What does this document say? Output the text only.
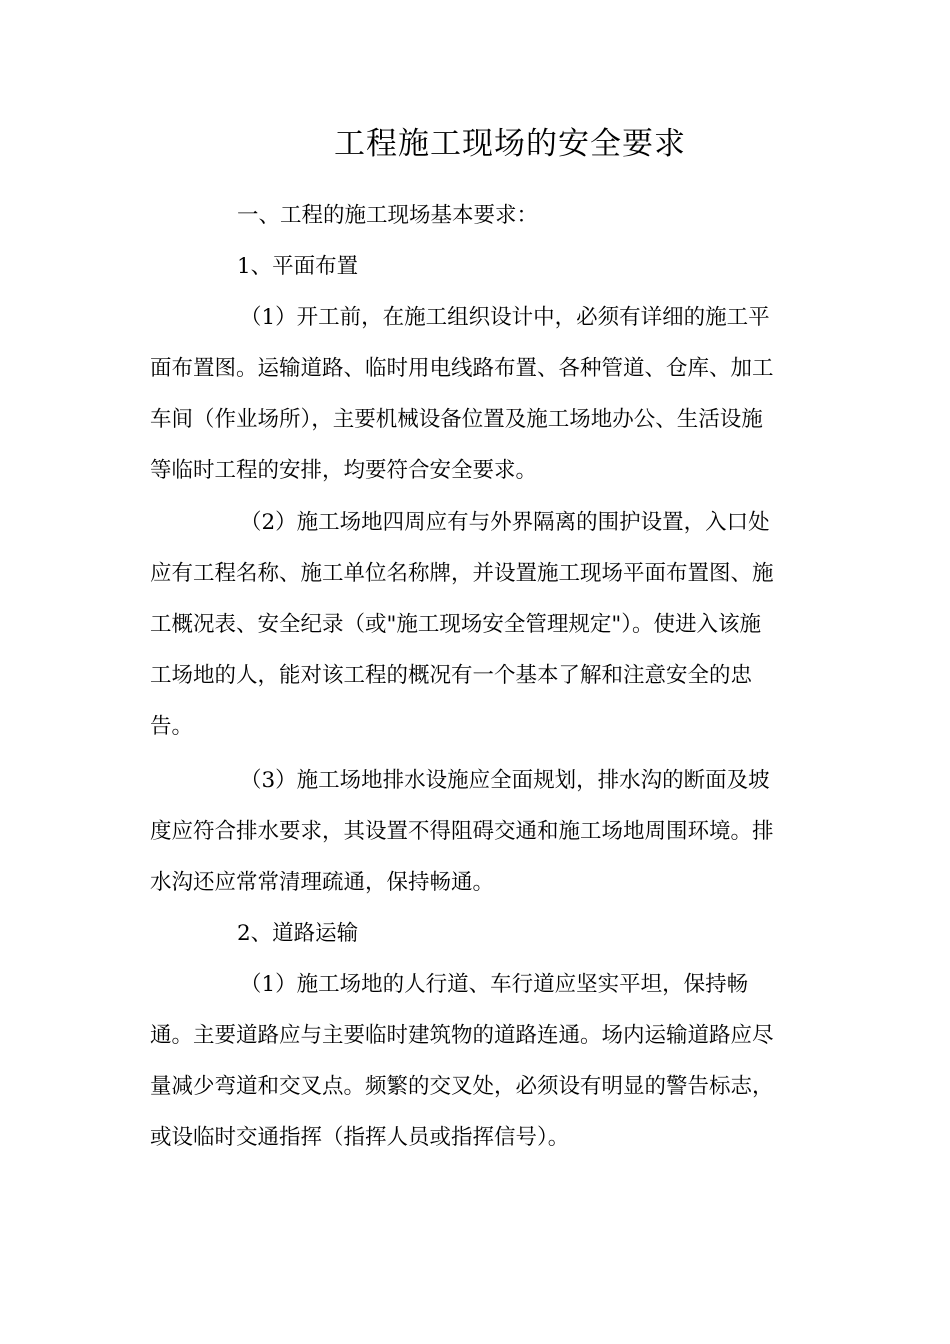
工程施工现场的安全要求
一、工程的施工现场基本要求：
1、平面布置
（1）开工前，在施工组织设计中，必须有详细的施工平
面布置图。运输道路、临时用电线路布置、各种管道、仓库、加工
车间（作业场所），主要机械设备位置及施工场地办公、生活设施
等临时工程的安排，均要符合安全要求。
（2）施工场地四周应有与外界隔离的围护设置，入口处
应有工程名称、施工单位名称牌，并设置施工现场平面布置图、施
工概况表、安全纪录（或"施工现场安全管理规定"）。使进入该施
工场地的人，能对该工程的概况有一个基本了解和注意安全的忠
告。
（3）施工场地排水设施应全面规划，排水沟的断面及坡
度应符合排水要求，其设置不得阻碍交通和施工场地周围环境。排
水沟还应常常清理疏通，保持畅通。
2、道路运输
（1）施工场地的人行道、车行道应坚实平坦，保持畅
通。主要道路应与主要临时建筑物的道路连通。场内运输道路应尽
量减少弯道和交叉点。频繁的交叉处，必须设有明显的警告标志，
或设临时交通指挥（指挥人员或指挥信号）。
